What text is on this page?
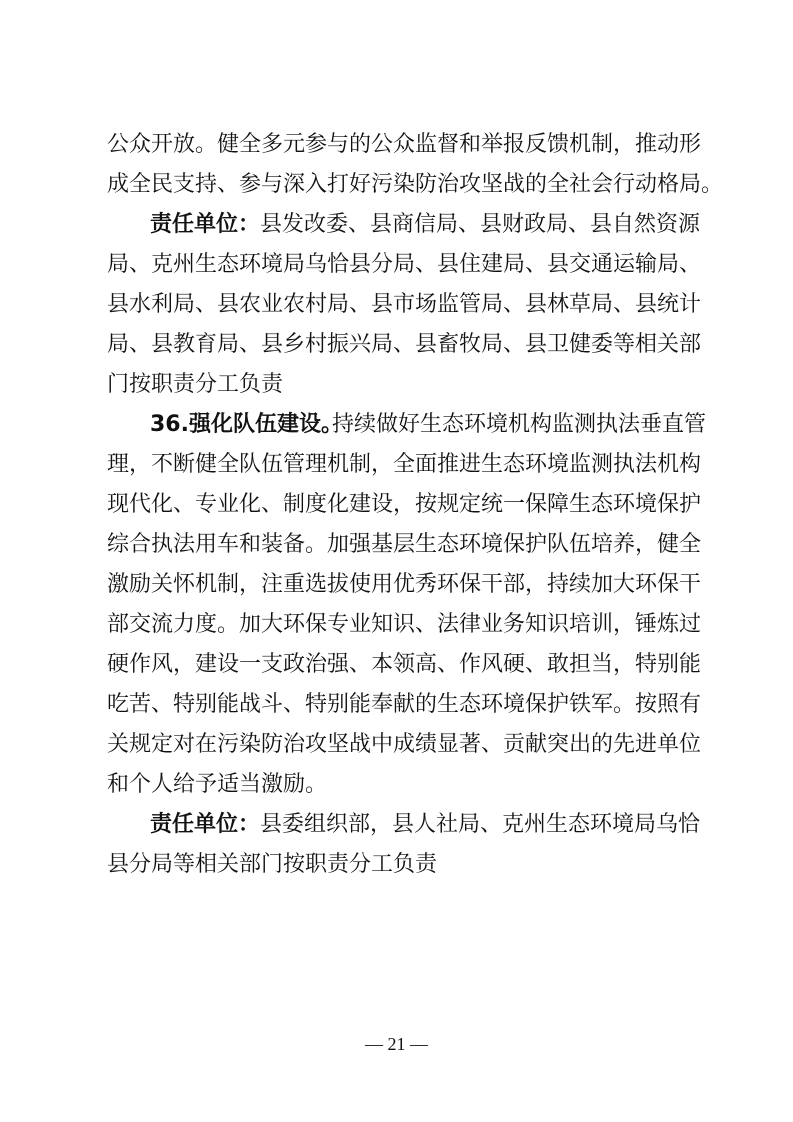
公众开放。健全多元参与的公众监督和举报反馈机制，推动形
成全民支持、参与深入打好污染防治攻坚战的全社会行动格局。
责任单位： 县发改委、县商信局、县财政局、县自然资源
局、克州生态环境局乌恰县分局、县住建局、县交通运输局、
县水利局、县农业农村局、县市场监管局、县林草局、县统计
局、县教育局、县乡村振兴局、县畜牧局、县卫健委等相关部
门按职责分工负责
36.强化队伍建设。
持续做好生态环境机构监测执法垂直管
理，不断健全队伍管理机制，全面推进生态环境监测执法机构
现代化、专业化、制度化建设，按规定统一保障生态环境保护
综合执法用车和装备。加强基层生态环境保护队伍培养，健全
激励关怀机制，注重选拔使用优秀环保干部，持续加大环保干
部交流力度。加大环保专业知识、法律业务知识培训，锤炼过
硬作风，建设一支政治强、本领高、作风硬、敢担当，特别能
吃苦、特别能战斗、特别能奉献的生态环境保护铁军。按照有
关规定对在污染防治攻坚战中成绩显著、贡献突出的先进单位
和个人给予适当激励。
责任单位： 县委组织部，县人社局、克州生态环境局乌恰
县分局等相关部门按职责分工负责
— 21 —
